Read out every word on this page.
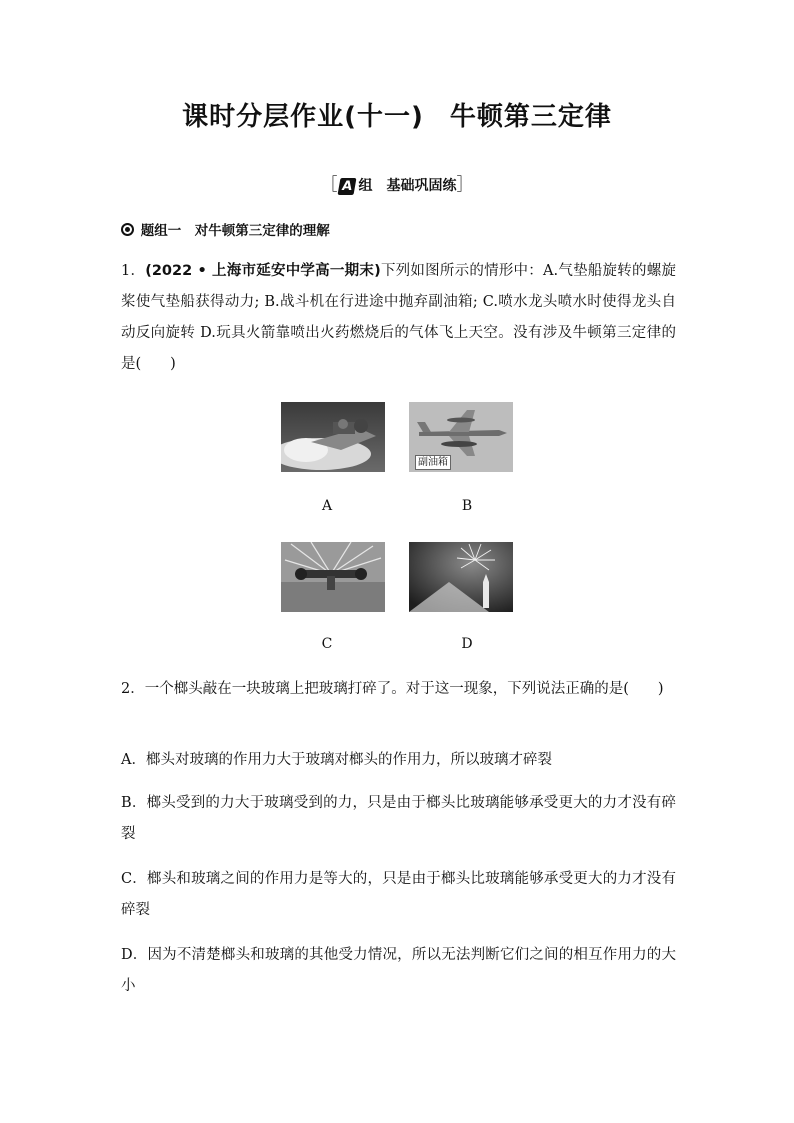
课时分层作业(十一) 牛顿第三定律
［ A 组　基础巩固练］
题组一　对牛顿第三定律的理解
1．(2022 • 上海市延安中学高一期末)下列如图所示的情形中：A.气垫船旋转的螺旋桨使气垫船获得动力; B.战斗机在行进途中抛弃副油箱; C.喷水龙头喷水时使得龙头自动反向旋转 D.玩具火箭靠喷出火药燃烧后的气体飞上天空。没有涉及牛顿第三定律的是(　　)
A
副油箱
B
C	D
2．一个榔头敲在一块玻璃上把玻璃打碎了。对于这一现象，下列说法正确的是(　　)
A．榔头对玻璃的作用力大于玻璃对榔头的作用力，所以玻璃才碎裂
B．榔头受到的力大于玻璃受到的力，只是由于榔头比玻璃能够承受更大的力才没有碎裂
C．榔头和玻璃之间的作用力是等大的，只是由于榔头比玻璃能够承受更大的力才没有碎裂
D．因为不清楚榔头和玻璃的其他受力情况，所以无法判断它们之间的相互作用力的大小
